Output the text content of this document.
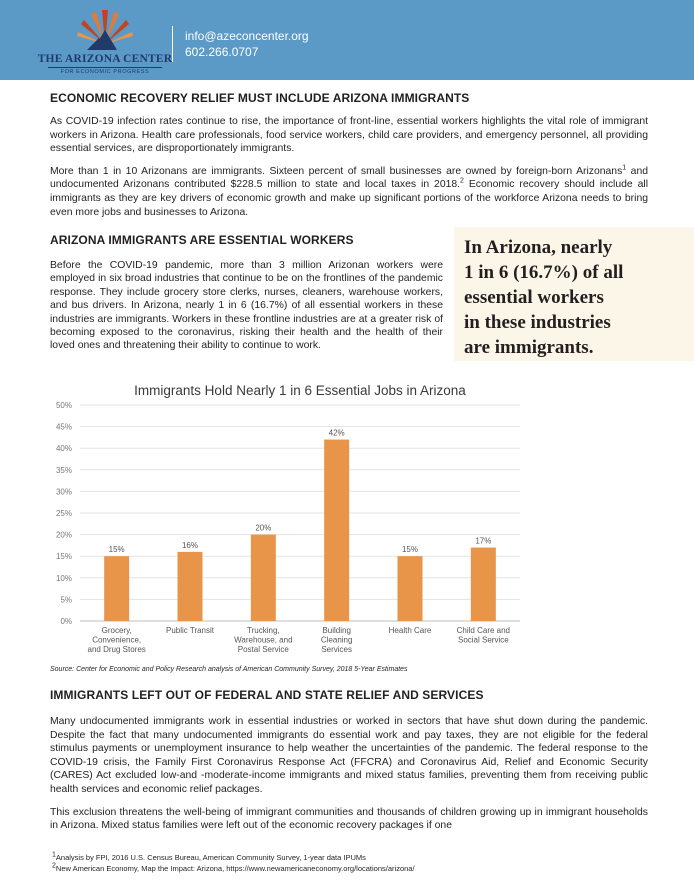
THE ARIZONA CENTER
FOR ECONOMIC PROGRESS
info@azeconcenter.org
602.266.0707
ECONOMIC RECOVERY RELIEF MUST INCLUDE ARIZONA IMMIGRANTS

As COVID-19 infection rates continue to rise, the importance of front-line, essential workers highlights the vital role of immigrant workers in Arizona. Health care professionals, food service workers, child care providers, and emergency personnel, all providing essential services, are disproportionately immigrants.

More than 1 in 10 Arizonans are immigrants. Sixteen percent of small businesses are owned by foreign-born Arizonans$^1$ and undocumented Arizonans contributed $228.5 million to state and local taxes in 2018.$^2$ Economic recovery should include all immigrants as they are key drivers of economic growth and make up significant portions of the workforce Arizona needs to bring even more jobs and businesses to Arizona.

ARIZONA IMMIGRANTS ARE ESSENTIAL WORKERS

Before the COVID-19 pandemic, more than 3 million Arizonan workers were employed in six broad industries that continue to be on the frontlines of the pandemic response. They include grocery store clerks, nurses, cleaners, warehouse workers, and bus drivers. In Arizona, nearly 1 in 6 (16.7%) of all essential workers in these industries are immigrants. Workers in these frontline industries are at a greater risk of becoming exposed to the coronavirus, risking their health and the health of their loved ones and threatening their ability to continue to work.

In Arizona, nearly
1 in 6 (16.7%) of all
essential workers
in these industries
are immigrants.
Immigrants Hold Nearly 1 in 6 Essential Jobs in Arizona
0%
5%
10%
15%
20%
25%
30%
35%
40%
45%
50%
15%
Grocery,
Convenience,
and Drug Stores
16%
Public Transit
20%
Trucking,
Warehouse, and
Postal Service
42%
Building
Cleaning
Services
15%
Health Care
17%
Child Care and
Social Service
Source: Center for Economic and Policy Research analysis of American Community Survey, 2018 5-Year Estimates
IMMIGRANTS LEFT OUT OF FEDERAL AND STATE RELIEF AND SERVICES

Many undocumented immigrants work in essential industries or worked in sectors that have shut down during the pandemic. Despite the fact that many undocumented immigrants do essential work and pay taxes, they are not eligible for the federal stimulus payments or unemployment insurance to help weather the uncertainties of the pandemic. The federal response to the COVID-19 crisis, the Family First Coronavirus Response Act (FFCRA) and Coronavirus Aid, Relief and Economic Security (CARES) Act excluded low-and -moderate-income immigrants and mixed status families, preventing them from receiving public health services and economic relief packages.

This exclusion threatens the well-being of immigrant communities and thousands of children growing up in immigrant households in Arizona. Mixed status families were left out of the economic recovery packages if one

$^1$Analysis by FPI, 2016 U.S. Census Bureau, American Community Survey, 1-year data IPUMs
$^2$New American Economy, Map the Impact: Arizona, https://www.newamericaneconomy.org/locations/arizona/
